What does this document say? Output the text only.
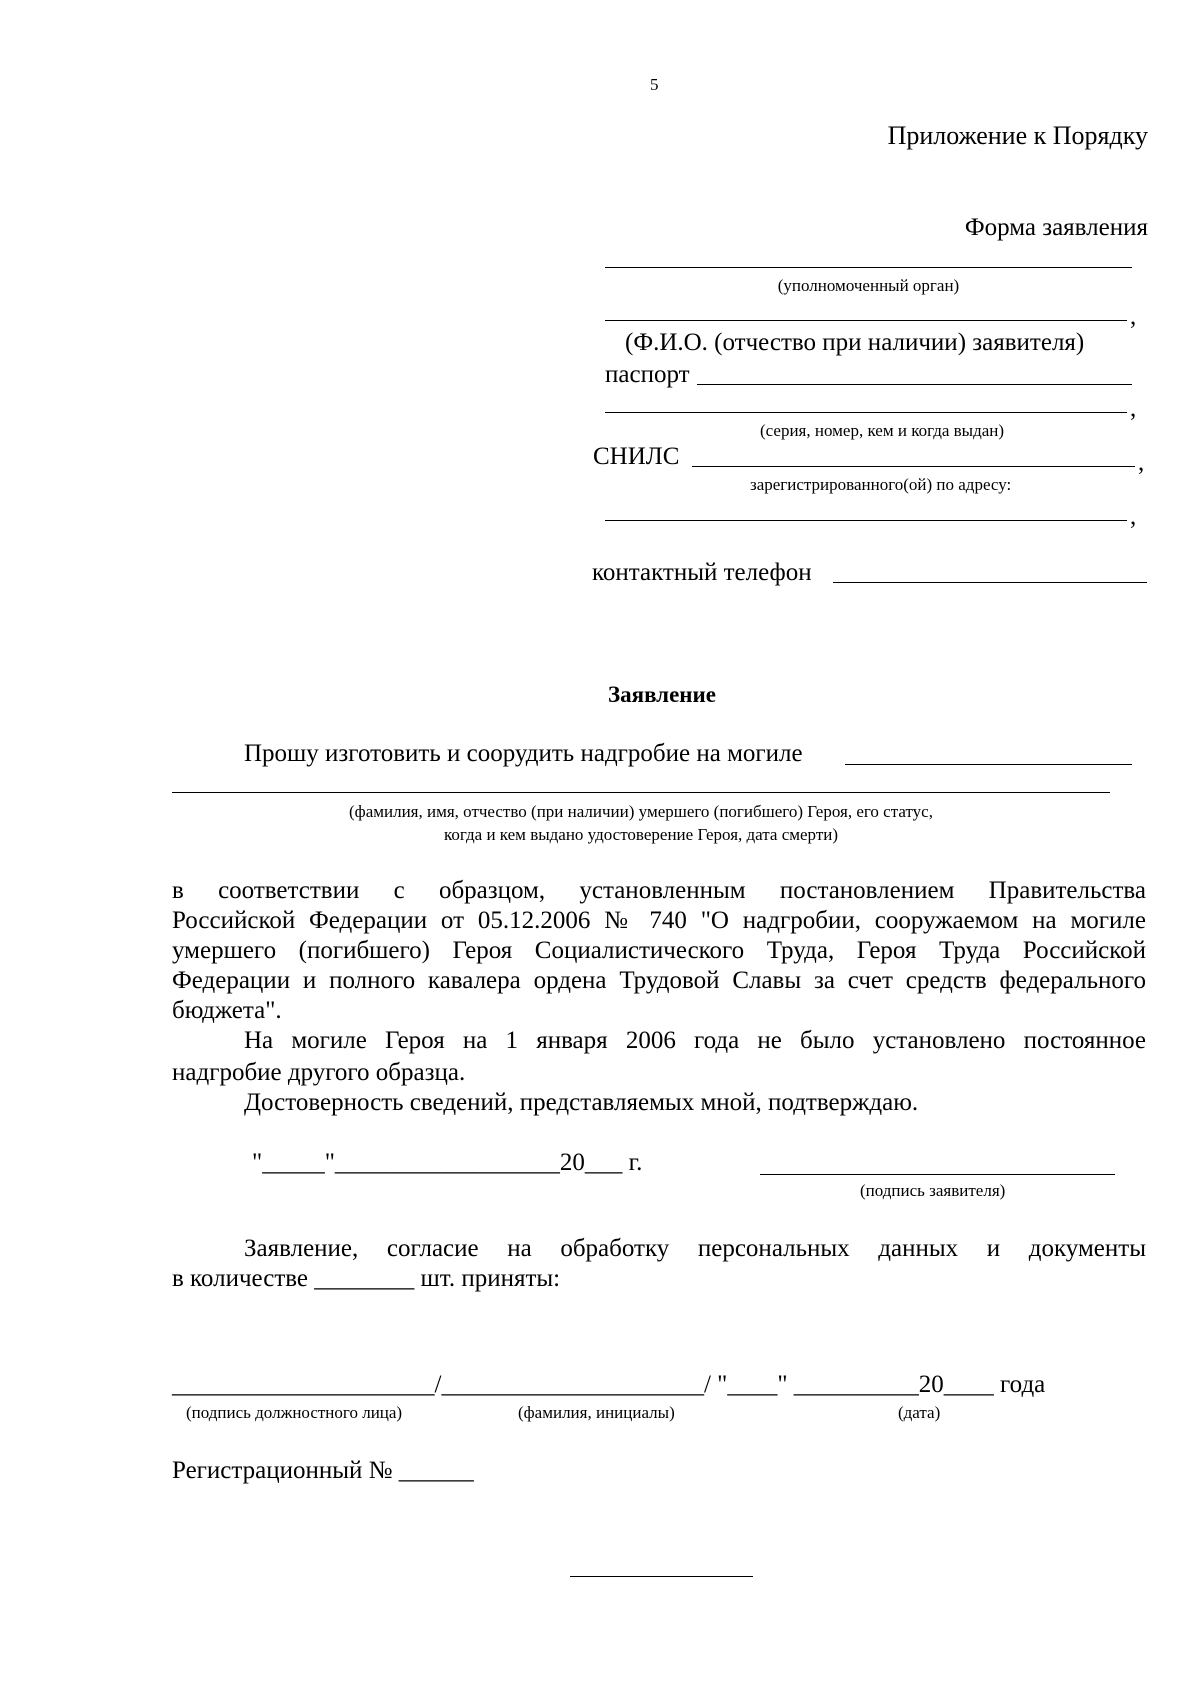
5
Приложение к Порядку
Форма заявления
(уполномоченный орган)
,
(Ф.И.О. (отчество при наличии) заявителя)
паспорт
,
(серия, номер, кем и когда выдан)
СНИЛС	,
зарегистрированного(ой) по адресу:
,
контактный телефон
Заявление
Прошу изготовить и соорудить надгробие на могиле
(фамилия, имя, отчество (при наличии) умершего (погибшего) Героя, его статус,
когда и кем выдано удостоверение Героя, дата смерти)
в соответствии с образцом, установленным постановлением Правительства
Российской Федерации от 05.12.2006 № 740 "О надгробии, сооружаемом на могиле
умершего (погибшего) Героя Социалистического Труда, Героя Труда Российской
Федерации и полного кавалера ордена Трудовой Славы за счет средств федерального
бюджета".
На могиле Героя на 1 января 2006 года не было установлено постоянное
надгробие другого образца.
Достоверность сведений, представляемых мной, подтверждаю.
"_____"__________________20___ г.
(подпись заявителя)
Заявление, согласие на обработку персональных данных и документы
в количестве ________ шт. приняты:
_____________________/_____________________/ "____" __________20____ года
(подпись должностного лица)	(фамилия, инициалы)	(дата)
Регистрационный № ______
